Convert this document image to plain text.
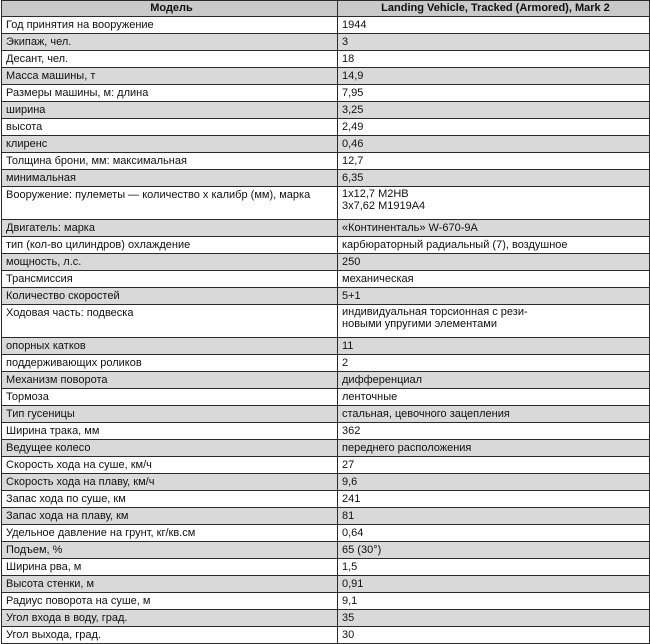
Модель	Landing Vehicle, Tracked (Armored), Mark 2
Год принятия на вооружение	1944
Экипаж, чел.	3
Десант, чел.	18
Масса машины, т	14,9
Размеры машины, м: длина	7,95
ширина	3,25
высота	2,49
клиренс	0,46
Толщина брони, мм: максимальная	12,7
минимальная	6,35
Вооружение: пулеметы — количество х калибр (мм), марка	1x12,7 M2HB
3x7,62 M1919A4

Двигатель: марка	«Континенталь» W-670-9A
тип (кол-во цилиндров) охлаждение	карбюраторный радиальный (7), воздушное
мощность, л.с.	250
Трансмиссия	механическая
Количество скоростей	5+1
Ходовая часть: подвеска	индивидуальная торсионная с рези-
новыми упругими элементами

опорных катков	11
поддерживающих роликов	2
Механизм поворота	дифференциал
Тормоза	ленточные
Тип гусеницы	стальная, цевочного зацепления
Ширина трака, мм	362
Ведущее колесо	переднего расположения
Скорость хода на суше, км/ч	27
Скорость хода на плаву, км/ч	9,6
Запас хода по суше, км	241
Запас хода на плаву, км	81
Удельное давление на грунт, кг/кв.см	0,64
Подъем, %	65 (30°)
Ширина рва, м	1,5
Высота стенки, м	0,91
Радиус поворота на суше, м	9,1
Угол входа в воду, град.	35
Угол выхода, град.	30
